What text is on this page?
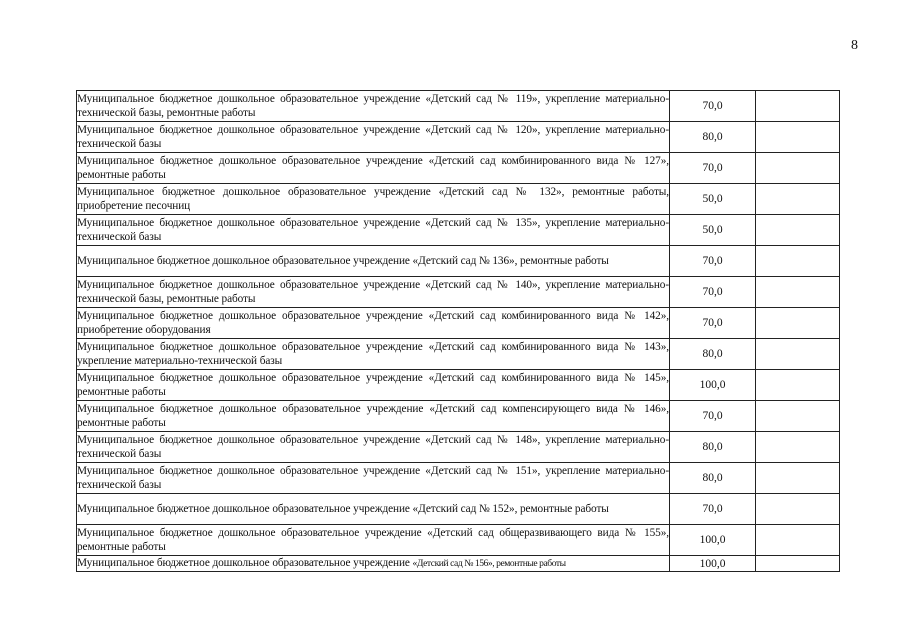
8
Муниципальное бюджетное дошкольное образовательное учреждение «Детский сад № 119», укрепление материально-технической базы, ремонтные работы	70,0	
Муниципальное бюджетное дошкольное образовательное учреждение «Детский сад № 120», укрепление материально-технической базы	80,0	
Муниципальное бюджетное дошкольное образовательное учреждение «Детский сад комбинированного вида № 127», ремонтные работы	70,0	
Муниципальное бюджетное дошкольное образовательное учреждение «Детский сад № 132», ремонтные работы, приобретение песочниц	50,0	
Муниципальное бюджетное дошкольное образовательное учреждение «Детский сад № 135», укрепление материально-технической базы	50,0	
Муниципальное бюджетное дошкольное образовательное учреждение «Детский сад № 136», ремонтные работы	70,0	
Муниципальное бюджетное дошкольное образовательное учреждение «Детский сад № 140», укрепление материально-технической базы, ремонтные работы	70,0	
Муниципальное бюджетное дошкольное образовательное учреждение «Детский сад комбинированного вида № 142», приобретение оборудования	70,0	
Муниципальное бюджетное дошкольное образовательное учреждение «Детский сад комбинированного вида № 143», укрепление материально-технической базы	80,0	
Муниципальное бюджетное дошкольное образовательное учреждение «Детский сад комбинированного вида № 145», ремонтные работы	100,0	
Муниципальное бюджетное дошкольное образовательное учреждение «Детский сад компенсирующего вида № 146», ремонтные работы	70,0	
Муниципальное бюджетное дошкольное образовательное учреждение «Детский сад № 148», укрепление материально-технической базы	80,0	
Муниципальное бюджетное дошкольное образовательное учреждение «Детский сад № 151», укрепление материально-технической базы	80,0	
Муниципальное бюджетное дошкольное образовательное учреждение «Детский сад № 152», ремонтные работы	70,0	
Муниципальное бюджетное дошкольное образовательное учреждение «Детский сад общеразвивающего вида № 155», ремонтные работы	100,0	
Муниципальное бюджетное дошкольное образовательное учреждение «Детский сад № 156», ремонтные работы	100,0	
